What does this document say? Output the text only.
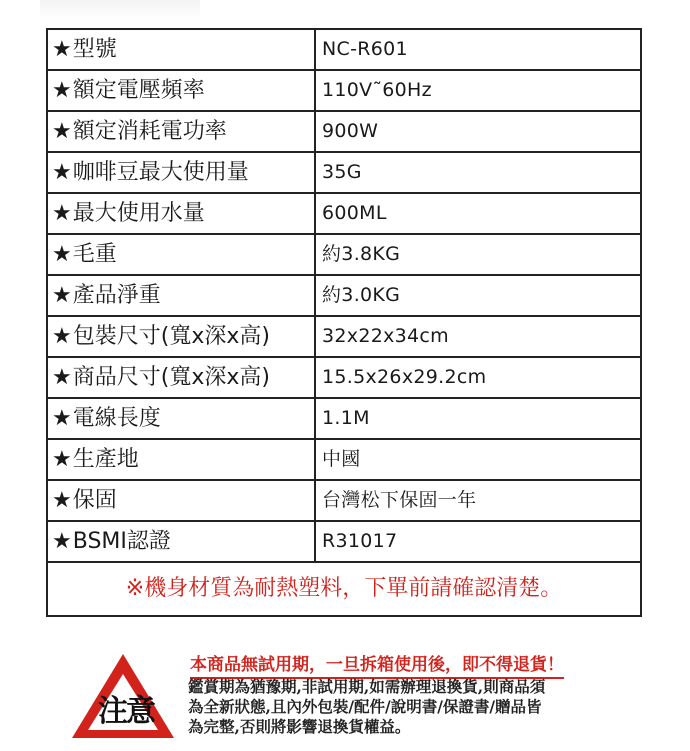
★型號	NC-R601
★額定電壓頻率	110V˜60Hz
★額定消耗電功率	900W
★咖啡豆最大使用量	35G
★最大使用水量	600ML
★毛重	約3.8KG
★產品淨重	約3.0KG
★包裝尺寸(寬x深x高)	32x22x34cm
★商品尺寸(寬x深x高)	15.5x26x29.2cm
★電線長度	1.1M
★生產地	中國
★保固	台灣松下保固一年
★BSMI認證	R31017
※機身材質為耐熱塑料，下單前請確認清楚。	
注意
本商品無試用期，一旦拆箱使用後，即不得退貨！
鑑賞期為猶豫期,非試用期,如需辦理退換貨,則商品須
為全新狀態,且內外包裝/配件/說明書/保證書/贈品皆
為完整,否則將影響退換貨權益。
